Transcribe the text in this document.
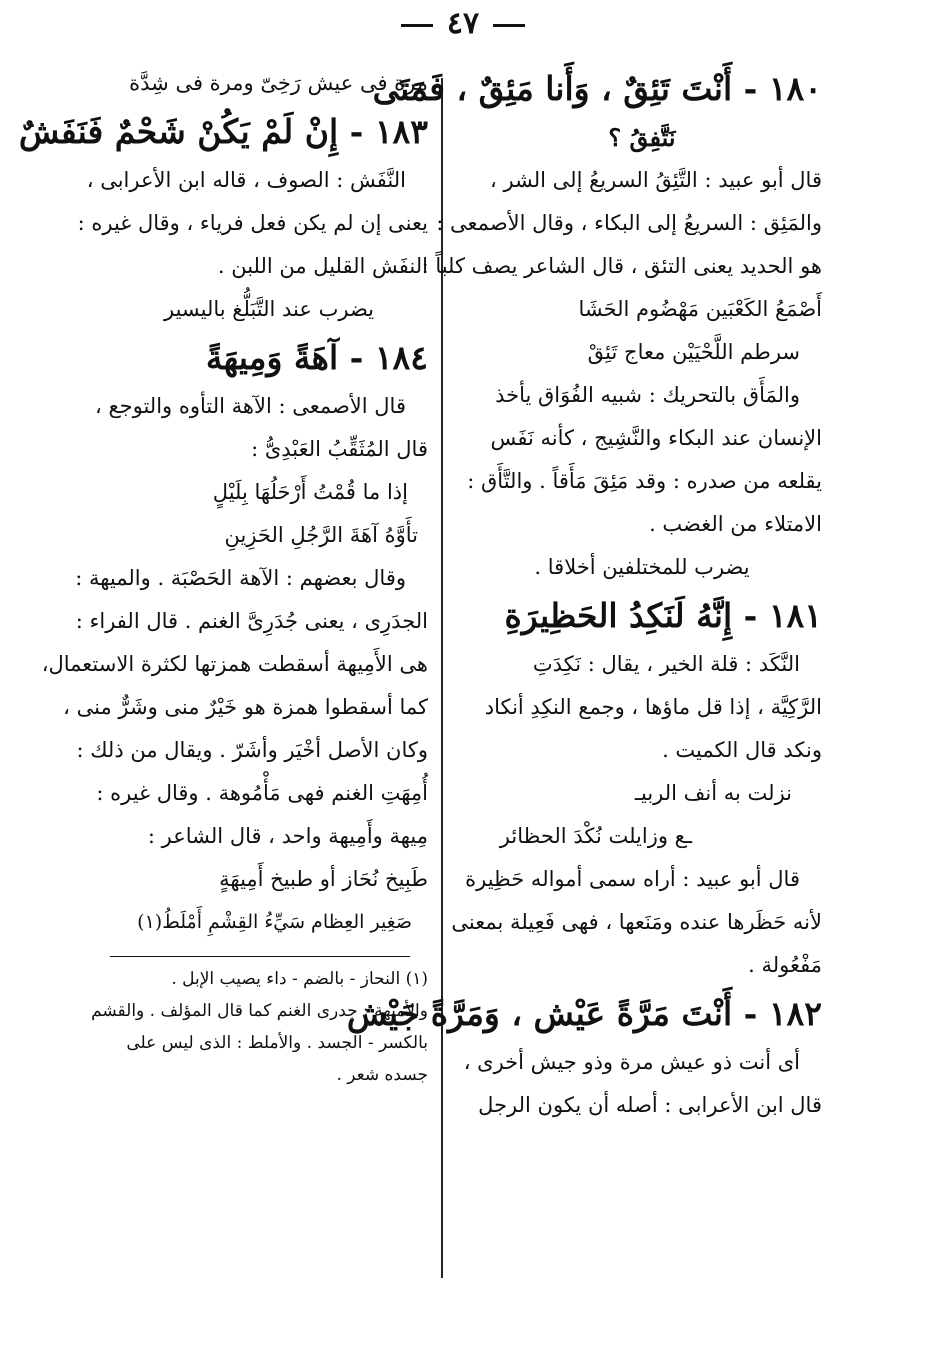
٤٧
١٨٠ - أَنْتَ تَئِقٌ ، وَأَنا مَئِقٌ ، فَمَتَى
نَتَّفِقُ ؟
قال أبو عبيد : التَّئِقُ السريعُ إلى الشر ،
والمَئِق : السريعُ إلى البكاء ، وقال الأصمعى :
هو الحديد يعنى التئق ، قال الشاعر يصف كلباً :
أَصْمَعُ الكَعْبَين مَهْضُوم الحَشَا
سرطم اللَّحْيَيْن معاج تَئِقْ
والمَأَق بالتحريك : شبيه الفُوَاق يأخذ
الإنسان عند البكاء والنَّشِيج ، كأنه نَفَس
يقلعه من صدره : وقد مَئِقَ مَأَقاً . والتَّأَق :
الامتلاء من الغضب .
يضرب للمختلفين أخلاقا .
١٨١ - إِنَّهُ لَنَكِدُ الحَظِيرَةِ
النَّكَد : قلة الخير ، يقال : نَكِدَتِ
الرَّكِيَّة ، إذا قل ماؤها ، وجمع النكِدِ أنكاد
ونكد قال الكميت .
نزلت به أنف الربيـ
ـع وزايلت نُكْدَ الحظائر
قال أبو عبيد : أراه سمى أمواله حَظِيرة
لأنه حَظَرها عنده ومَنَعها ، فهى فَعِيلة بمعنى
مَفْعُولة .
١٨٢ - أَنْتَ مَرَّةً عَيْش ، وَمَرَّةً جَيْش
أى أنت ذو عيش مرة وذو جيش أخرى ،
قال ابن الأعرابى : أصله أن يكون الرجل
مرة فى عيش رَخِىّ ومرة فى شِدَّة
١٨٣ - إِنْ لَمْ يَكُنْ شَحْمٌ فَنَفَشٌ
النَّفَش : الصوف ، قاله ابن الأعرابى ،
يعنى إن لم يكن فعل فرياء ، وقال غيره :
النفَش القليل من اللبن .
يضرب عند التَّبَلُّغ باليسير
١٨٤ - آهَةً وَمِيهَةً
قال الأصمعى : الآهة التأوه والتوجع ،
قال المُثَقِّبُ العَبْدِىُّ :
إذا ما قُمْتُ أَرْحَلُهَا بِلَيْلٍ
تأَوَّهُ آهَةَ الرَّجُلِ الحَزِينِ
وقال بعضهم : الآهة الحَصْبَة . والميهة :
الجدَرِى ، يعنى جُدَرِىَّ الغنم . قال الفراء :
هى الأَمِيهة أسقطت همزتها لكثرة الاستعمال،
كما أسقطوا همزة هو خَيْرٌ منى وشَرٌّ منى ،
وكان الأصل أخْيَر وأشَرّ . ويقال من ذلك :
أُمِهَتِ الغنم فهى مَأْمُوهة . وقال غيره :
مِيهة وأَمِيهة واحد ، قال الشاعر :
طَبِيخ نُحَاز أو طبيخ أَمِيهَةٍ
صَغِير العِظام سَيِّءُ القِشْمِ أَمْلَطُ(١)
(١) النحاز - بالضم - داء يصيب الإبل .
والأميهة : جدرى الغنم كما قال المؤلف . والقشم
بالكسر - الجسد . والأملط : الذى ليس على
جسده شعر .
